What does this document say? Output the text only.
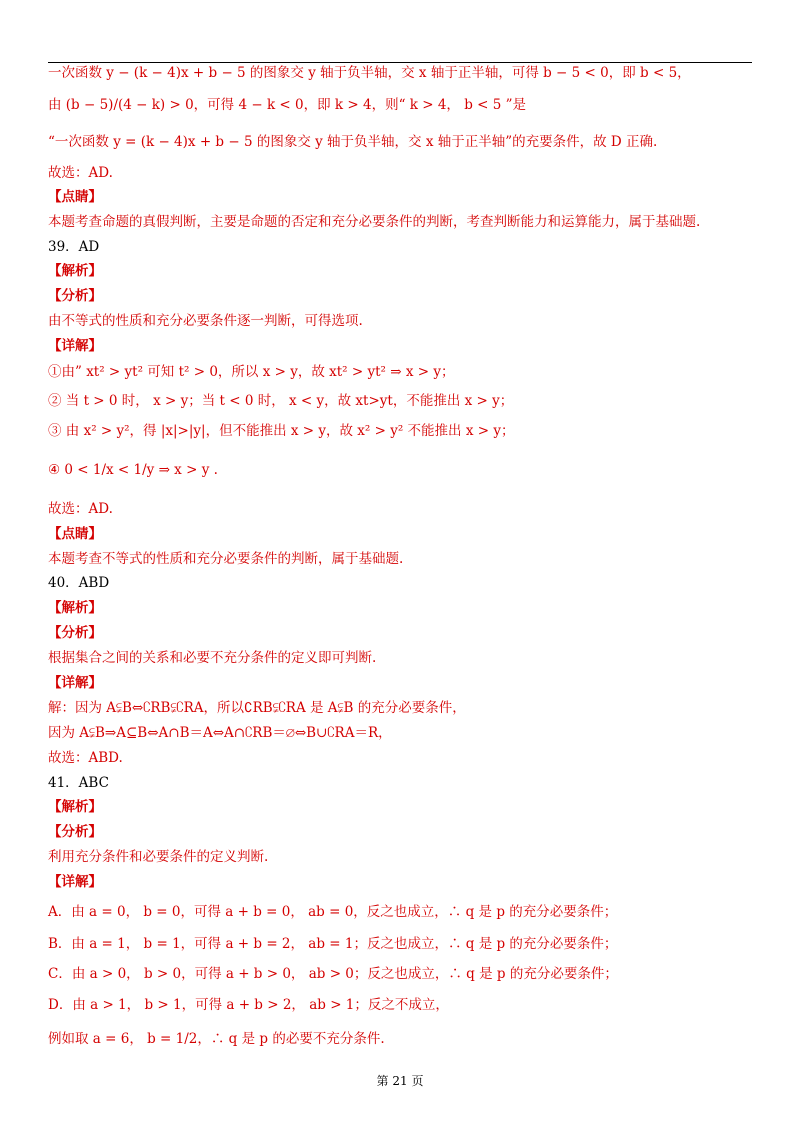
一次函数 y − (k − 4)x + b − 5 的图象交 y 轴于负半轴，交 x 轴于正半轴，可得 b − 5 < 0，即 b < 5，
由 (b − 5)/(4 − k) > 0，可得 4 − k < 0，即 k > 4，则“ k > 4， b < 5 ”是
“一次函数 y = (k − 4)x + b − 5 的图象交 y 轴于负半轴，交 x 轴于正半轴”的充要条件，故 D 正确.
故选：AD.
【点睛】
本题考查命题的真假判断，主要是命题的否定和充分必要条件的判断，考查判断能力和运算能力，属于基础题.
39．AD
【解析】
【分析】
由不等式的性质和充分必要条件逐一判断，可得选项.
【详解】
①由” xt² > yt² 可知 t² > 0，所以 x > y，故 xt² > yt² ⇒ x > y；
② 当 t > 0 时， x > y；当 t < 0 时， x < y，故 xt>yt，不能推出 x > y；
③ 由 x² > y²，得 |x|>|y|，但不能推出 x > y，故 x² > y² 不能推出 x > y；
④ 0 < 1/x < 1/y ⇒ x > y .
故选：AD.
【点睛】
本题考查不等式的性质和充分必要条件的判断，属于基础题.
40．ABD
【解析】
【分析】
根据集合之间的关系和必要不充分条件的定义即可判断.
【详解】
解：因为 A⫋B⇔∁RB⫋∁RA，所以∁RB⫋∁RA 是 A⫋B 的充分必要条件，
因为 A⫋B⇒A⊆B⇔A∩B＝A⇔A∩∁RB＝∅⇔B∪∁RA＝R，
故选：ABD.
41．ABC
【解析】
【分析】
利用充分条件和必要条件的定义判断.
【详解】
A．由 a = 0， b = 0，可得 a + b = 0， ab = 0，反之也成立，∴ q 是 p 的充分必要条件；
B．由 a = 1， b = 1，可得 a + b = 2， ab = 1；反之也成立，∴ q 是 p 的充分必要条件；
C．由 a > 0， b > 0，可得 a + b > 0， ab > 0；反之也成立，∴ q 是 p 的充分必要条件；
D．由 a > 1， b > 1，可得 a + b > 2， ab > 1；反之不成立，
例如取 a = 6， b = 1/2，∴ q 是 p 的必要不充分条件.
第 21 页
